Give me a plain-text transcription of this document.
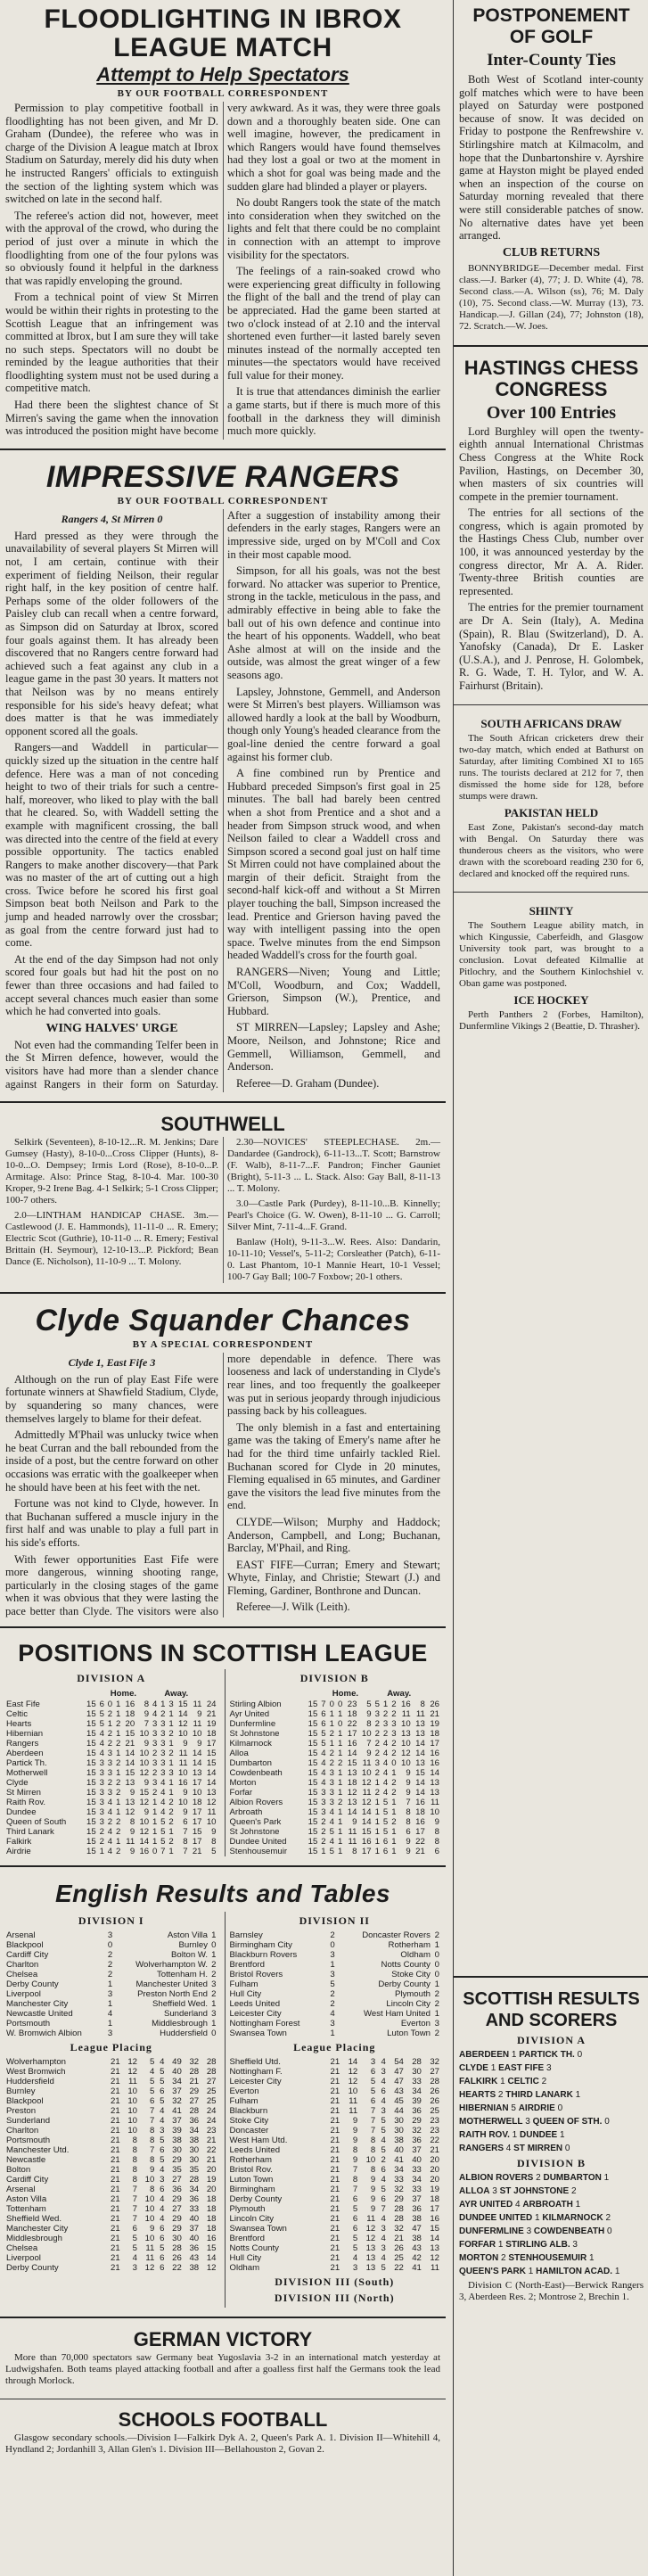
FLOODLIGHTING IN IBROX LEAGUE MATCH
Attempt to Help Spectators
BY OUR FOOTBALL CORRESPONDENT

Permission to play competitive football in floodlighting has not been given, and Mr D. Graham (Dundee), the referee who was in charge of the Division A league match at Ibrox Stadium on Saturday, merely did his duty when he instructed Rangers' officials to extinguish the section of the lighting system which was switched on late in the second half.

The referee's action did not, however, meet with the approval of the crowd, who during the period of just over a minute in which the floodlighting from one of the four pylons was so obviously found it helpful in the darkness that was rapidly enveloping the ground.

From a technical point of view St Mirren would be within their rights in protesting to the Scottish League that an infringement was committed at Ibrox, but I am sure they will take no such steps. Spectators will no doubt be reminded by the league authorities that their floodlighting system must not be used during a competitive match.

Had there been the slightest chance of St Mirren's saving the game when the innovation was introduced the position might have become very awkward. As it was, they were three goals down and a thoroughly beaten side. One can well imagine, however, the predicament in which Rangers would have found themselves had they lost a goal or two at the moment in which a shot for goal was being made and the sudden glare had blinded a player or players.

No doubt Rangers took the state of the match into consideration when they switched on the lights and felt that there could be no complaint in connection with an attempt to improve visibility for the spectators.

The feelings of a rain-soaked crowd who were experiencing great difficulty in following the flight of the ball and the trend of play can be appreciated. Had the game been started at two o'clock instead of at 2.10 and the interval shortened even further—it lasted barely seven minutes instead of the normally accepted ten minutes—the spectators would have received full value for their money.

It is true that attendances diminish the earlier a game starts, but if there is much more of this football in the darkness they will diminish much more quickly.

IMPRESSIVE RANGERS
BY OUR FOOTBALL CORRESPONDENT
Rangers 4, St Mirren 0

Hard pressed as they were through the unavailability of several players St Mirren will not, I am certain, continue with their experiment of fielding Neilson, their regular right half, in the key position of centre half. Perhaps some of the older followers of the Paisley club can recall when a centre forward, as Simpson did on Saturday at Ibrox, scored four goals against them. It has already been discovered that no Rangers centre forward had achieved such a feat against any club in a league game in the past 30 years. It matters not that Neilson was by no means entirely responsible for his side's heavy defeat; what does matter is that he was immediately opponent scored all the goals.

Rangers—and Waddell in particular—quickly sized up the situation in the centre half defence. Here was a man of not conceding height to two of their trials for such a centre-half, moreover, who liked to play with the ball that he cleared. So, with Waddell setting the example with magnificent crossing, the ball was directed into the centre of the field at every possible opportunity. The tactics enabled Rangers to make another discovery—that Park was no master of the art of cutting out a high cross. Twice before he scored his first goal Simpson beat both Neilson and Park to the jump and headed narrowly over the crossbar; as goal from the centre forward just had to come.

At the end of the day Simpson had not only scored four goals but had hit the post on no fewer than three occasions and had failed to accept several chances much easier than some which he had converted into goals.

WING HALVES' URGE

Not even had the commanding Telfer been in the St Mirren defence, however, would the visitors have had more than a slender chance against Rangers in their form on Saturday. After a suggestion of instability among their defenders in the early stages, Rangers were an impressive side, urged on by M'Coll and Cox in their most capable mood.

Simpson, for all his goals, was not the best forward. No attacker was superior to Prentice, strong in the tackle, meticulous in the pass, and admirably effective in being able to fake the ball out of his own defence and continue into the heart of his opponents. Waddell, who beat Ashe almost at will on the inside and the outside, was almost the great winger of a few seasons ago.

Lapsley, Johnstone, Gemmell, and Anderson were St Mirren's best players. Williamson was allowed hardly a look at the ball by Woodburn, though only Young's headed clearance from the goal-line denied the centre forward a goal against his former club.

A fine combined run by Prentice and Hubbard preceded Simpson's first goal in 25 minutes. The ball had barely been centred when a shot from Prentice and a shot and a header from Simpson struck wood, and when Neilson failed to clear a Waddell cross and Simpson scored a second goal just on half time St Mirren could not have complained about the margin of their deficit. Straight from the second-half kick-off and without a St Mirren player touching the ball, Simpson increased the lead. Prentice and Grierson having paved the way with intelligent passing into the open space. Twelve minutes from the end Simpson headed Waddell's cross for the fourth goal.

RANGERS—Niven; Young and Little; M'Coll, Woodburn, and Cox; Waddell, Grierson, Simpson (W.), Prentice, and Hubbard.

ST MIRREN—Lapsley; Lapsley and Ashe; Moore, Neilson, and Johnstone; Rice and Gemmell, Williamson, Gemmell, and Anderson.

Referee—D. Graham (Dundee).

SOUTHWELL

Selkirk (Seventeen), 8-10-12...R. M. Jenkins; Dare Gumsey (Hasty), 8-10-0...Cross Clipper (Hunts), 8-10-0...O. Dempsey; Irmis Lord (Rose), 8-10-0...P. Armitage. Also: Prince Stag, 8-10-4. Mar. 100-30 Kroper, 9-2 Irene Bag. 4-1 Selkirk; 5-1 Cross Clipper; 100-7 others.

2.0—LINTHAM HANDICAP CHASE. 3m.—Castlewood (J. E. Hammonds), 11-11-0 ... R. Emery; Electric Scot (Guthrie), 10-11-0 ... R. Emery; Festival Brittain (H. Seymour), 12-10-13...P. Pickford; Bean Dance (E. Nicholson), 11-10-9 ... T. Molony.

2.30—NOVICES' STEEPLECHASE. 2m.—Dandardee (Gandrock), 6-11-13...T. Scott; Barnstrow (F. Walb), 8-11-7...F. Pandron; Fincher Gauniet (Bright), 5-11-3 ... L. Stack. Also: Gay Ball, 8-11-13 ... T. Molony.

3.0—Castle Park (Purdey), 8-11-10...B. Kinnelly; Pearl's Choice (G. W. Owen), 8-11-10 ... G. Carroll; Silver Mint, 7-11-4...F. Grand.

Banlaw (Holt), 9-11-3...W. Rees. Also: Dandarin, 10-11-10; Vessel's, 5-11-2; Corsleather (Patch), 6-11-0. Last Phantom, 10-1 Mannie Heart, 10-1 Vessel; 100-7 Gay Ball; 100-7 Foxbow; 20-1 others.

Clyde Squander Chances
BY A SPECIAL CORRESPONDENT
Clyde 1, East Fife 3

Although on the run of play East Fife were fortunate winners at Shawfield Stadium, Clyde, by squandering so many chances, were themselves largely to blame for their defeat.

Admittedly M'Phail was unlucky twice when he beat Curran and the ball rebounded from the inside of a post, but the centre forward on other occasions was erratic with the goalkeeper when he should have been at his feet with the net.

Fortune was not kind to Clyde, however. In that Buchanan suffered a muscle injury in the first half and was unable to play a full part in his side's efforts.

With fewer opportunities East Fife were more dangerous, winning shooting range, particularly in the closing stages of the game when it was obvious that they were lasting the pace better than Clyde. The visitors were also more dependable in defence. There was looseness and lack of understanding in Clyde's rear lines, and too frequently the goalkeeper was put in serious jeopardy through injudicious passing back by his colleagues.

The only blemish in a fast and entertaining game was the taking of Emery's name after he had for the third time unfairly tackled Riel. Buchanan scored for Clyde in 20 minutes, Fleming equalised in 65 minutes, and Gardiner gave the visitors the lead five minutes from the end.

CLYDE—Wilson; Murphy and Haddock; Anderson, Campbell, and Long; Buchanan, Barclay, M'Phail, and Ring.

EAST FIFE—Curran; Emery and Stewart; Whyte, Finlay, and Christie; Stewart (J.) and Fleming, Gardiner, Bonthrone and Duncan.

Referee—J. Wilk (Leith).

POSITIONS IN SCOTTISH LEAGUE
DIVISION A
		Home.					Away.					
East Fife	15	6	0	1	16	8	4	1	3	15	11	24
Celtic	15	5	2	1	18	9	4	2	1	14	9	21
Hearts	15	5	1	2	20	7	3	3	1	12	11	19
Hibernian	15	4	2	1	15	10	3	3	2	10	10	18
Rangers	15	4	2	2	21	9	3	3	1	9	9	17
Aberdeen	15	4	3	1	14	10	2	3	2	11	14	15
Partick Th.	15	3	3	2	14	10	3	3	1	11	14	15
Motherwell	15	3	3	1	15	12	2	3	3	10	13	14
Clyde	15	3	2	2	13	9	3	4	1	16	17	14
St Mirren	15	3	3	2	9	15	2	4	1	9	10	13
Raith Rov.	15	3	4	1	13	12	1	4	2	10	18	12
Dundee	15	3	4	1	12	9	1	4	2	9	17	11
Queen of South	15	3	2	2	8	10	1	5	2	6	17	10
Third Lanark	15	2	4	2	9	12	1	5	1	7	15	9
Falkirk	15	2	4	1	11	14	1	5	2	8	17	8
Airdrie	15	1	4	2	9	16	0	7	1	7	21	5
DIVISION B
		Home.					Away.					
Stirling Albion	15	7	0	0	23	5	5	1	2	16	8	26
Ayr United	15	6	1	1	18	9	3	2	2	11	11	21
Dunfermline	15	6	1	0	22	8	2	3	3	10	13	19
St Johnstone	15	5	2	1	17	10	2	2	3	13	13	18
Kilmarnock	15	5	1	1	16	7	2	4	2	10	14	17
Alloa	15	4	2	1	14	9	2	4	2	12	14	16
Dumbarton	15	4	2	2	15	11	3	4	0	10	13	16
Cowdenbeath	15	4	3	1	13	10	2	4	1	9	15	14
Morton	15	4	3	1	18	12	1	4	2	9	14	13
Forfar	15	3	3	1	12	11	2	4	2	9	14	13
Albion Rovers	15	3	3	2	13	12	1	5	1	7	16	11
Arbroath	15	3	4	1	14	14	1	5	1	8	18	10
Queen's Park	15	2	4	1	9	14	1	5	2	8	16	9
St Johnstone	15	2	5	1	11	15	1	5	1	6	17	8
Dundee United	15	2	4	1	11	16	1	6	1	9	22	8
Stenhousemuir	15	1	5	1	8	17	1	6	1	9	21	6
English Results and Tables
DIVISION I
Arsenal	3	Aston Villa	1
Blackpool	0	Burnley	0
Cardiff City	2	Bolton W.	1
Charlton	2	Wolverhampton W.	2
Chelsea	2	Tottenham H.	2
Derby County	1	Manchester United	3
Liverpool	3	Preston North End	2
Manchester City	1	Sheffield Wed.	1
Newcastle United	4	Sunderland	3
Portsmouth	1	Middlesbrough	1
W. Bromwich Albion	3	Huddersfield	0
League Placing
Wolverhampton	21	12	5	4	49	32	28
West Bromwich	21	12	4	5	40	28	28
Huddersfield	21	11	5	5	34	21	27
Burnley	21	10	5	6	37	29	25
Blackpool	21	10	6	5	32	27	25
Preston	21	10	7	4	41	28	24
Sunderland	21	10	7	4	37	36	24
Charlton	21	10	8	3	39	34	23
Portsmouth	21	8	8	5	38	38	21
Manchester Utd.	21	8	7	6	30	30	22
Newcastle	21	8	8	5	29	30	21
Bolton	21	8	9	4	35	35	20
Cardiff City	21	8	10	3	27	28	19
Arsenal	21	7	8	6	36	34	20
Aston Villa	21	7	10	4	29	36	18
Tottenham	21	7	10	4	27	33	18
Sheffield Wed.	21	7	10	4	29	40	18
Manchester City	21	6	9	6	29	37	18
Middlesbrough	21	5	10	6	30	40	16
Chelsea	21	5	11	5	28	36	15
Liverpool	21	4	11	6	26	43	14
Derby County	21	3	12	6	22	38	12
DIVISION II
Barnsley	2	Doncaster Rovers	2
Birmingham City	0	Rotherham	1
Blackburn Rovers	3	Oldham	0
Brentford	1	Notts County	0
Bristol Rovers	3	Stoke City	0
Fulham	5	Derby County	1
Hull City	2	Plymouth	2
Leeds United	2	Lincoln City	2
Leicester City	4	West Ham United	1
Nottingham Forest	3	Everton	3
Swansea Town	1	Luton Town	2
League Placing
Sheffield Utd.	21	14	3	4	54	28	32
Nottingham F.	21	12	6	3	47	30	27
Leicester City	21	12	5	4	47	33	28
Everton	21	10	5	6	43	34	26
Fulham	21	11	6	4	45	39	26
Blackburn	21	11	7	3	44	36	25
Stoke City	21	9	7	5	30	29	23
Doncaster	21	9	7	5	30	32	23
West Ham Utd.	21	9	8	4	38	36	22
Leeds United	21	8	8	5	40	37	21
Rotherham	21	9	10	2	41	40	20
Bristol Rov.	21	7	8	6	34	33	20
Luton Town	21	8	9	4	33	34	20
Birmingham	21	7	9	5	32	33	19
Derby County	21	6	9	6	29	37	18
Plymouth	21	5	9	7	28	36	17
Lincoln City	21	6	11	4	28	38	16
Swansea Town	21	6	12	3	32	47	15
Brentford	21	5	12	4	21	38	14
Notts County	21	5	13	3	26	43	13
Hull City	21	4	13	4	25	42	12
Oldham	21	3	13	5	22	41	11
DIVISION III (South)
DIVISION III (North)
GERMAN VICTORY

More than 70,000 spectators saw Germany beat Yugoslavia 3-2 in an international match yesterday at Ludwigshafen. Both teams played attacking football and after a goalless first half the Germans took the lead through Morlock.

SCHOOLS FOOTBALL

Glasgow secondary schools.—Division I—Falkirk Dyk A. 2, Queen's Park A. 1. Division II—Whitehill 4, Hyndland 2; Jordanhill 3, Allan Glen's 1. Division III—Bellahouston 2, Govan 2.

POSTPONEMENT OF GOLF
Inter-County Ties

Both West of Scotland inter-county golf matches which were to have been played on Saturday were postponed because of snow. It was decided on Friday to postpone the Renfrewshire v. Stirlingshire match at Kilmacolm, and hope that the Dunbartonshire v. Ayrshire game at Hayston might be played ended when an inspection of the course on Saturday morning revealed that there were still considerable patches of snow. No alternative dates have yet been arranged.

CLUB RETURNS

BONNYBRIDGE—December medal. First class.—J. Barker (4), 77; J. D. White (4), 78. Second class.—A. Wilson (ss), 76; M. Daly (10), 75. Second class.—W. Murray (13), 73. Handicap.—J. Gillan (24), 77; Johnston (18), 72. Scratch.—W. Joes.

HASTINGS CHESS CONGRESS
Over 100 Entries

Lord Burghley will open the twenty-eighth annual International Christmas Chess Congress at the White Rock Pavilion, Hastings, on December 30, when masters of six countries will compete in the premier tournament.

The entries for all sections of the congress, which is again promoted by the Hastings Chess Club, number over 100, it was announced yesterday by the congress director, Mr A. A. Rider. Twenty-three British counties are represented.

The entries for the premier tournament are Dr A. Sein (Italy), A. Medina (Spain), R. Blau (Switzerland), D. A. Yanofsky (Canada), Dr E. Lasker (U.S.A.), and J. Penrose, H. Golombek, R. G. Wade, T. H. Tylor, and W. A. Fairhurst (Britain).

SOUTH AFRICANS DRAW

The South African cricketers drew their two-day match, which ended at Bathurst on Saturday, after limiting Combined XI to 165 runs. The tourists declared at 212 for 7, then dismissed the home side for 128, before stumps were drawn.

PAKISTAN HELD

East Zone, Pakistan's second-day match with Bengal. On Saturday there was thunderous cheers as the visitors, who were drawn with the scoreboard reading 230 for 6, declared and knocked off the required runs.

SHINTY

The Southern League ability match, in which Kingussie, Caberfeidh, and Glasgow University took part, was brought to a conclusion. Lovat defeated Kilmallie at Pitlochry, and the Southern Kinlochshiel v. Oban game was postponed.

ICE HOCKEY

Perth Panthers 2 (Forbes, Hamilton), Dunfermline Vikings 2 (Beattie, D. Thrasher).

SCOTTISH RESULTS AND SCORERS
DIVISION A
ABERDEEN 1 PARTICK TH. 0
CLYDE 1 EAST FIFE 3
FALKIRK 1 CELTIC 2
HEARTS 2 THIRD LANARK 1
HIBERNIAN 5 AIRDRIE 0
MOTHERWELL 3 QUEEN OF STH. 0
RAITH ROV. 1 DUNDEE 1
RANGERS 4 ST MIRREN 0
DIVISION B
ALBION ROVERS 2 DUMBARTON 1
ALLOA 3 ST JOHNSTONE 2
AYR UNITED 4 ARBROATH 1
DUNDEE UNITED 1 KILMARNOCK 2
DUNFERMLINE 3 COWDENBEATH 0
FORFAR 1 STIRLING ALB. 3
MORTON 2 STENHOUSEMUIR 1
QUEEN'S PARK 1 HAMILTON ACAD. 1

Division C (North-East)—Berwick Rangers 3, Aberdeen Res. 2; Montrose 2, Brechin 1.
